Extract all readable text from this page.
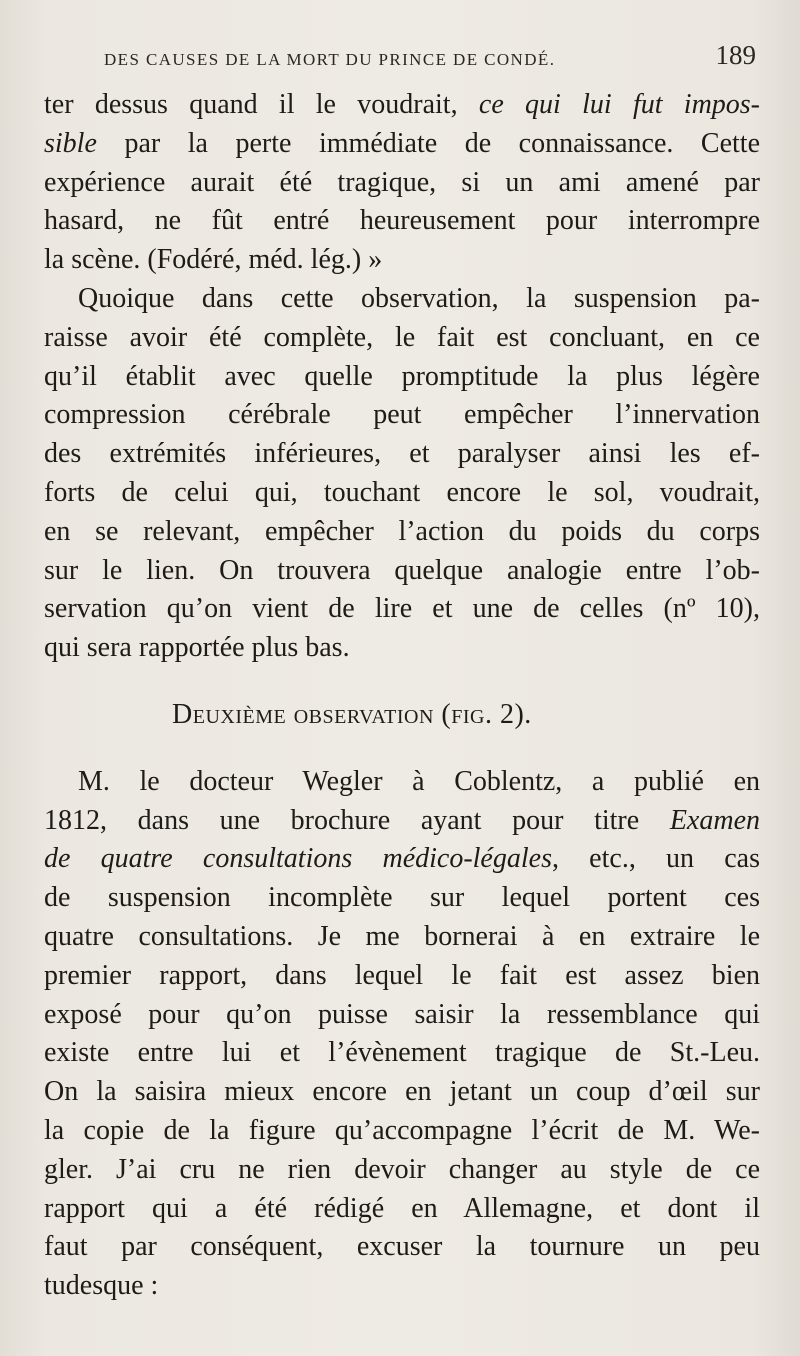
DES CAUSES DE LA MORT DU PRINCE DE CONDÉ.	189
ter dessus quand il le voudrait, ce qui lui fut impos-
sible par la perte immédiate de connaissance. Cette
expérience aurait été tragique, si un ami amené par
hasard, ne fût entré heureusement pour interrompre
la scène. (Fodéré, méd. lég.) »
Quoique dans cette observation, la suspension pa-
raisse avoir été complète, le fait est concluant, en ce
qu’il établit avec quelle promptitude la plus légère
compression cérébrale peut empêcher l’innervation
des extrémités inférieures, et paralyser ainsi les ef-
forts de celui qui, touchant encore le sol, voudrait,
en se relevant, empêcher l’action du poids du corps
sur le lien. On trouvera quelque analogie entre l’ob-
servation qu’on vient de lire et une de celles (nº 10),
qui sera rapportée plus bas.
Deuxième observation (fig. 2).
M. le docteur Wegler à Coblentz, a publié en
1812, dans une brochure ayant pour titre Examen
de quatre consultations médico-légales, etc., un cas
de suspension incomplète sur lequel portent ces
quatre consultations. Je me bornerai à en extraire le
premier rapport, dans lequel le fait est assez bien
exposé pour qu’on puisse saisir la ressemblance qui
existe entre lui et l’évènement tragique de St.-Leu.
On la saisira mieux encore en jetant un coup d’œil sur
la copie de la figure qu’accompagne l’écrit de M. We-
gler. J’ai cru ne rien devoir changer au style de ce
rapport qui a été rédigé en Allemagne, et dont il
faut par conséquent, excuser la tournure un peu
tudesque :
